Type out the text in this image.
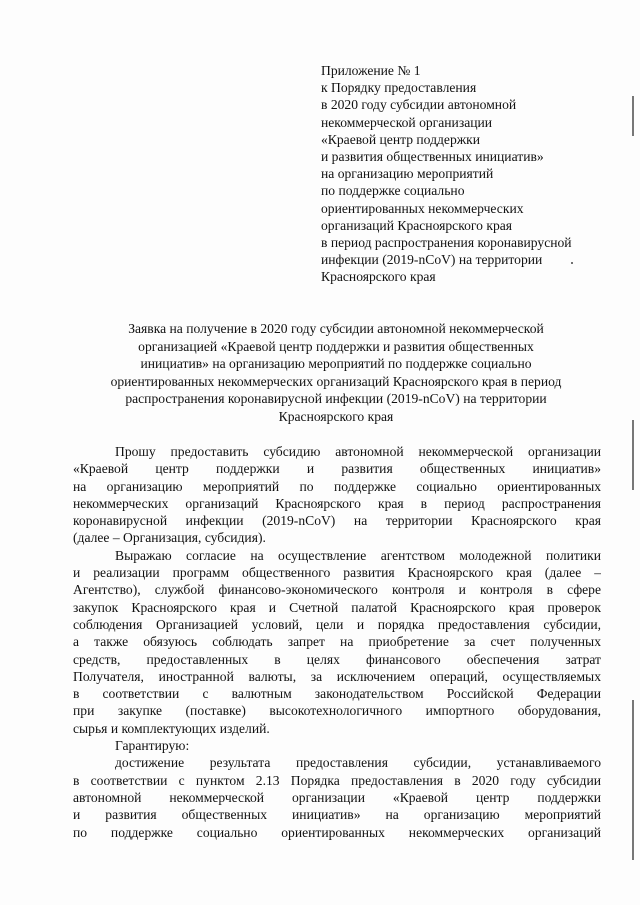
Приложение № 1
к Порядку предоставления
в 2020 году субсидии автономной
некоммерческой организации
«Краевой центр поддержки
и развития общественных инициатив»
на организацию мероприятий
по поддержке социально
ориентированных некоммерческих
организаций Красноярского края
в период распространения коронавирусной
инфекции (2019-nCoV) на территории
Красноярского края
Заявка на получение в 2020 году субсидии автономной некоммерческой
организацией «Краевой центр поддержки и развития общественных
инициатив» на организацию мероприятий по поддержке социально
ориентированных некоммерческих организаций Красноярского края в период
распространения коронавирусной инфекции (2019-nCoV) на территории
Красноярского края
Прошу предоставить субсидию автономной некоммерческой организации
«Краевой центр поддержки и развития общественных инициатив»
на организацию мероприятий по поддержке социально ориентированных
некоммерческих организаций Красноярского края в период распространения
коронавирусной инфекции (2019-nCoV) на территории Красноярского края
(далее – Организация, субсидия).
Выражаю согласие на осуществление агентством молодежной политики
и реализации программ общественного развития Красноярского края (далее –
Агентство), службой финансово-экономического контроля и контроля в сфере
закупок Красноярского края и Счетной палатой Красноярского края проверок
соблюдения Организацией условий, цели и порядка предоставления субсидии,
а также обязуюсь соблюдать запрет на приобретение за счет полученных
средств, предоставленных в целях финансового обеспечения затрат
Получателя, иностранной валюты, за исключением операций, осуществляемых
в соответствии с валютным законодательством Российской Федерации
при закупке (поставке) высокотехнологичного импортного оборудования,
сырья и комплектующих изделий.
Гарантирую:
достижение результата предоставления субсидии, устанавливаемого
в соответствии с пунктом 2.13 Порядка предоставления в 2020 году субсидии
автономной некоммерческой организации «Краевой центр поддержки
и развития общественных инициатив» на организацию мероприятий
по поддержке социально ориентированных некоммерческих организаций
